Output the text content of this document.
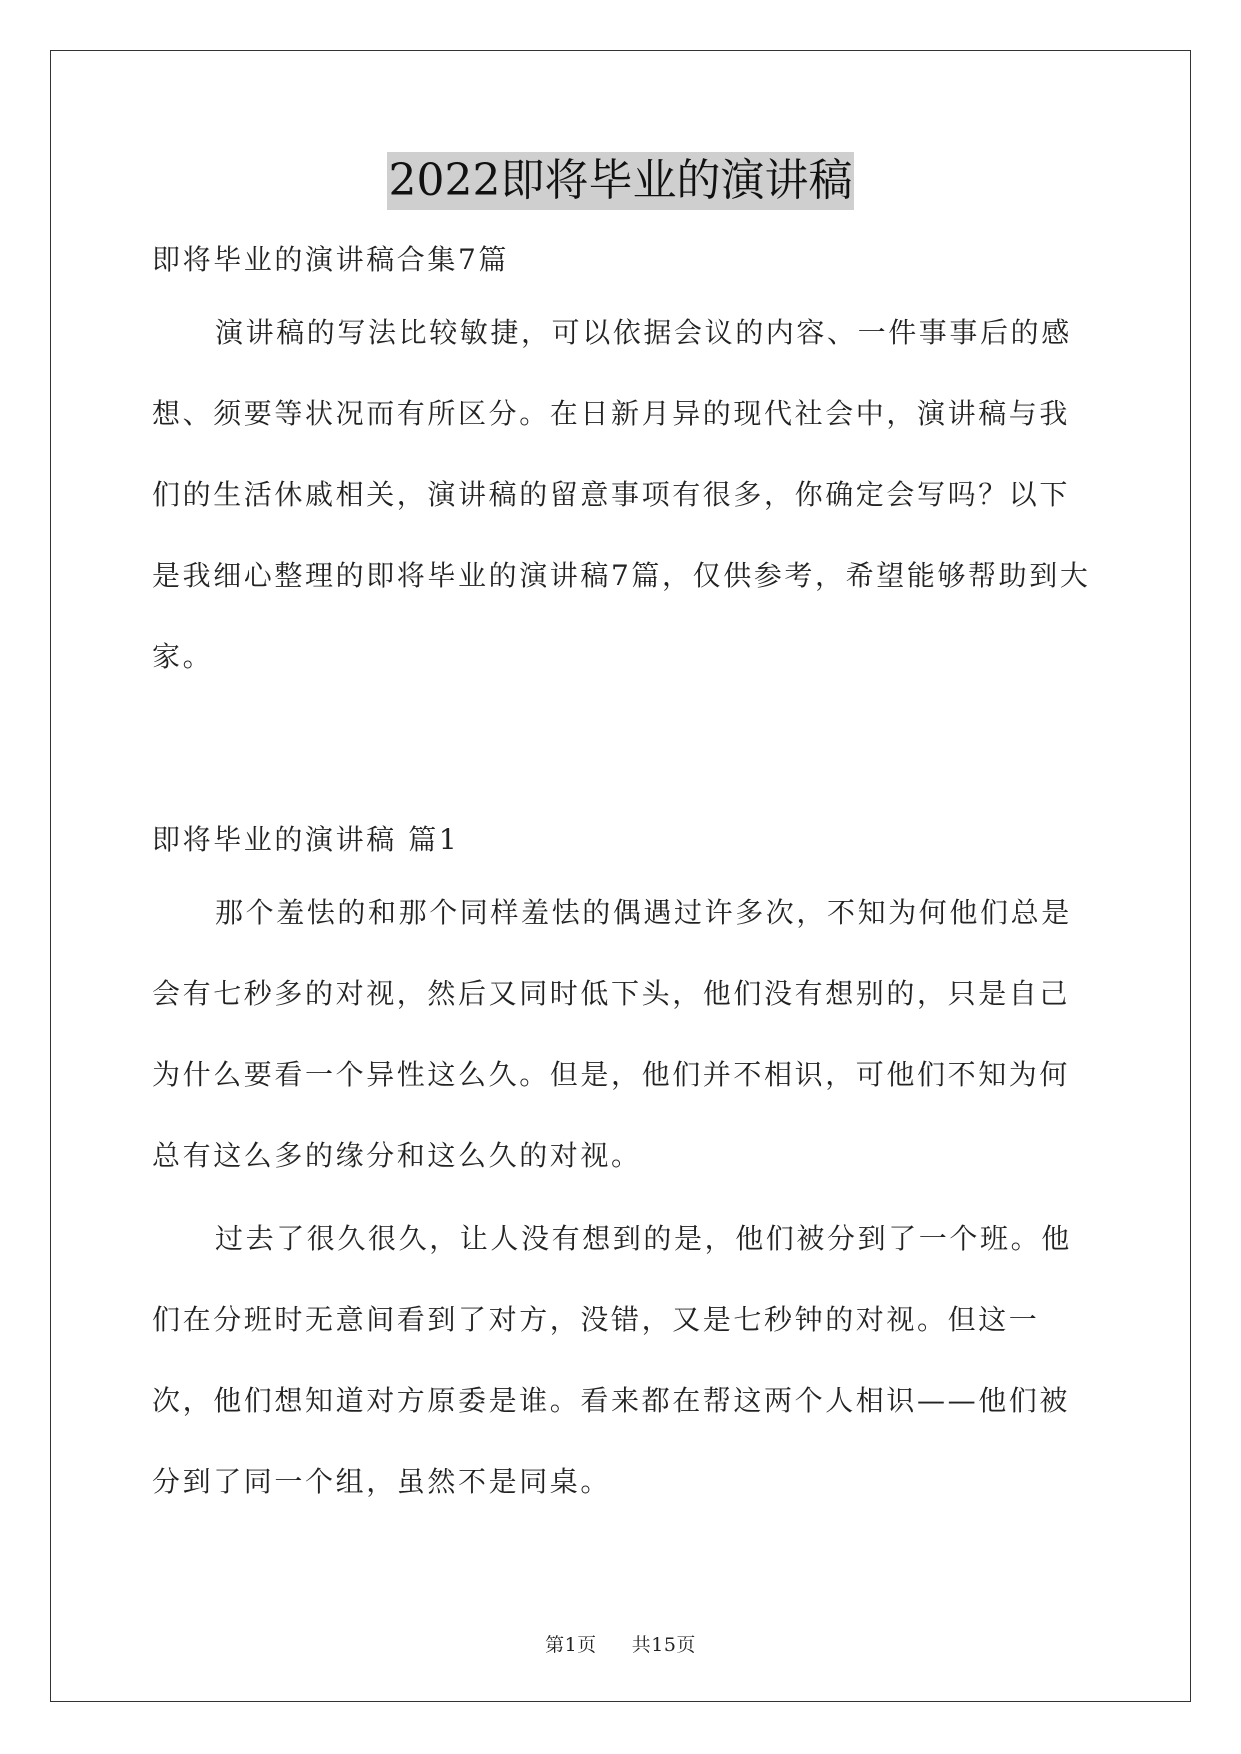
2022即将毕业的演讲稿
即将毕业的演讲稿合集7篇
演讲稿的写法比较敏捷，可以依据会议的内容、一件事事后的感想、须要等状况而有所区分。在日新月异的现代社会中，演讲稿与我们的生活休戚相关，演讲稿的留意事项有很多，你确定会写吗？以下是我细心整理的即将毕业的演讲稿7篇，仅供参考，希望能够帮助到大家。
即将毕业的演讲稿 篇1
那个羞怯的和那个同样羞怯的偶遇过许多次，不知为何他们总是会有七秒多的对视，然后又同时低下头，他们没有想别的，只是自己为什么要看一个异性这么久。但是，他们并不相识，可他们不知为何总有这么多的缘分和这么久的对视。
过去了很久很久，让人没有想到的是，他们被分到了一个班。他们在分班时无意间看到了对方，没错，又是七秒钟的对视。但这一次，他们想知道对方原委是谁。看来都在帮这两个人相识——他们被分到了同一个组，虽然不是同桌。
第1页 共15页
